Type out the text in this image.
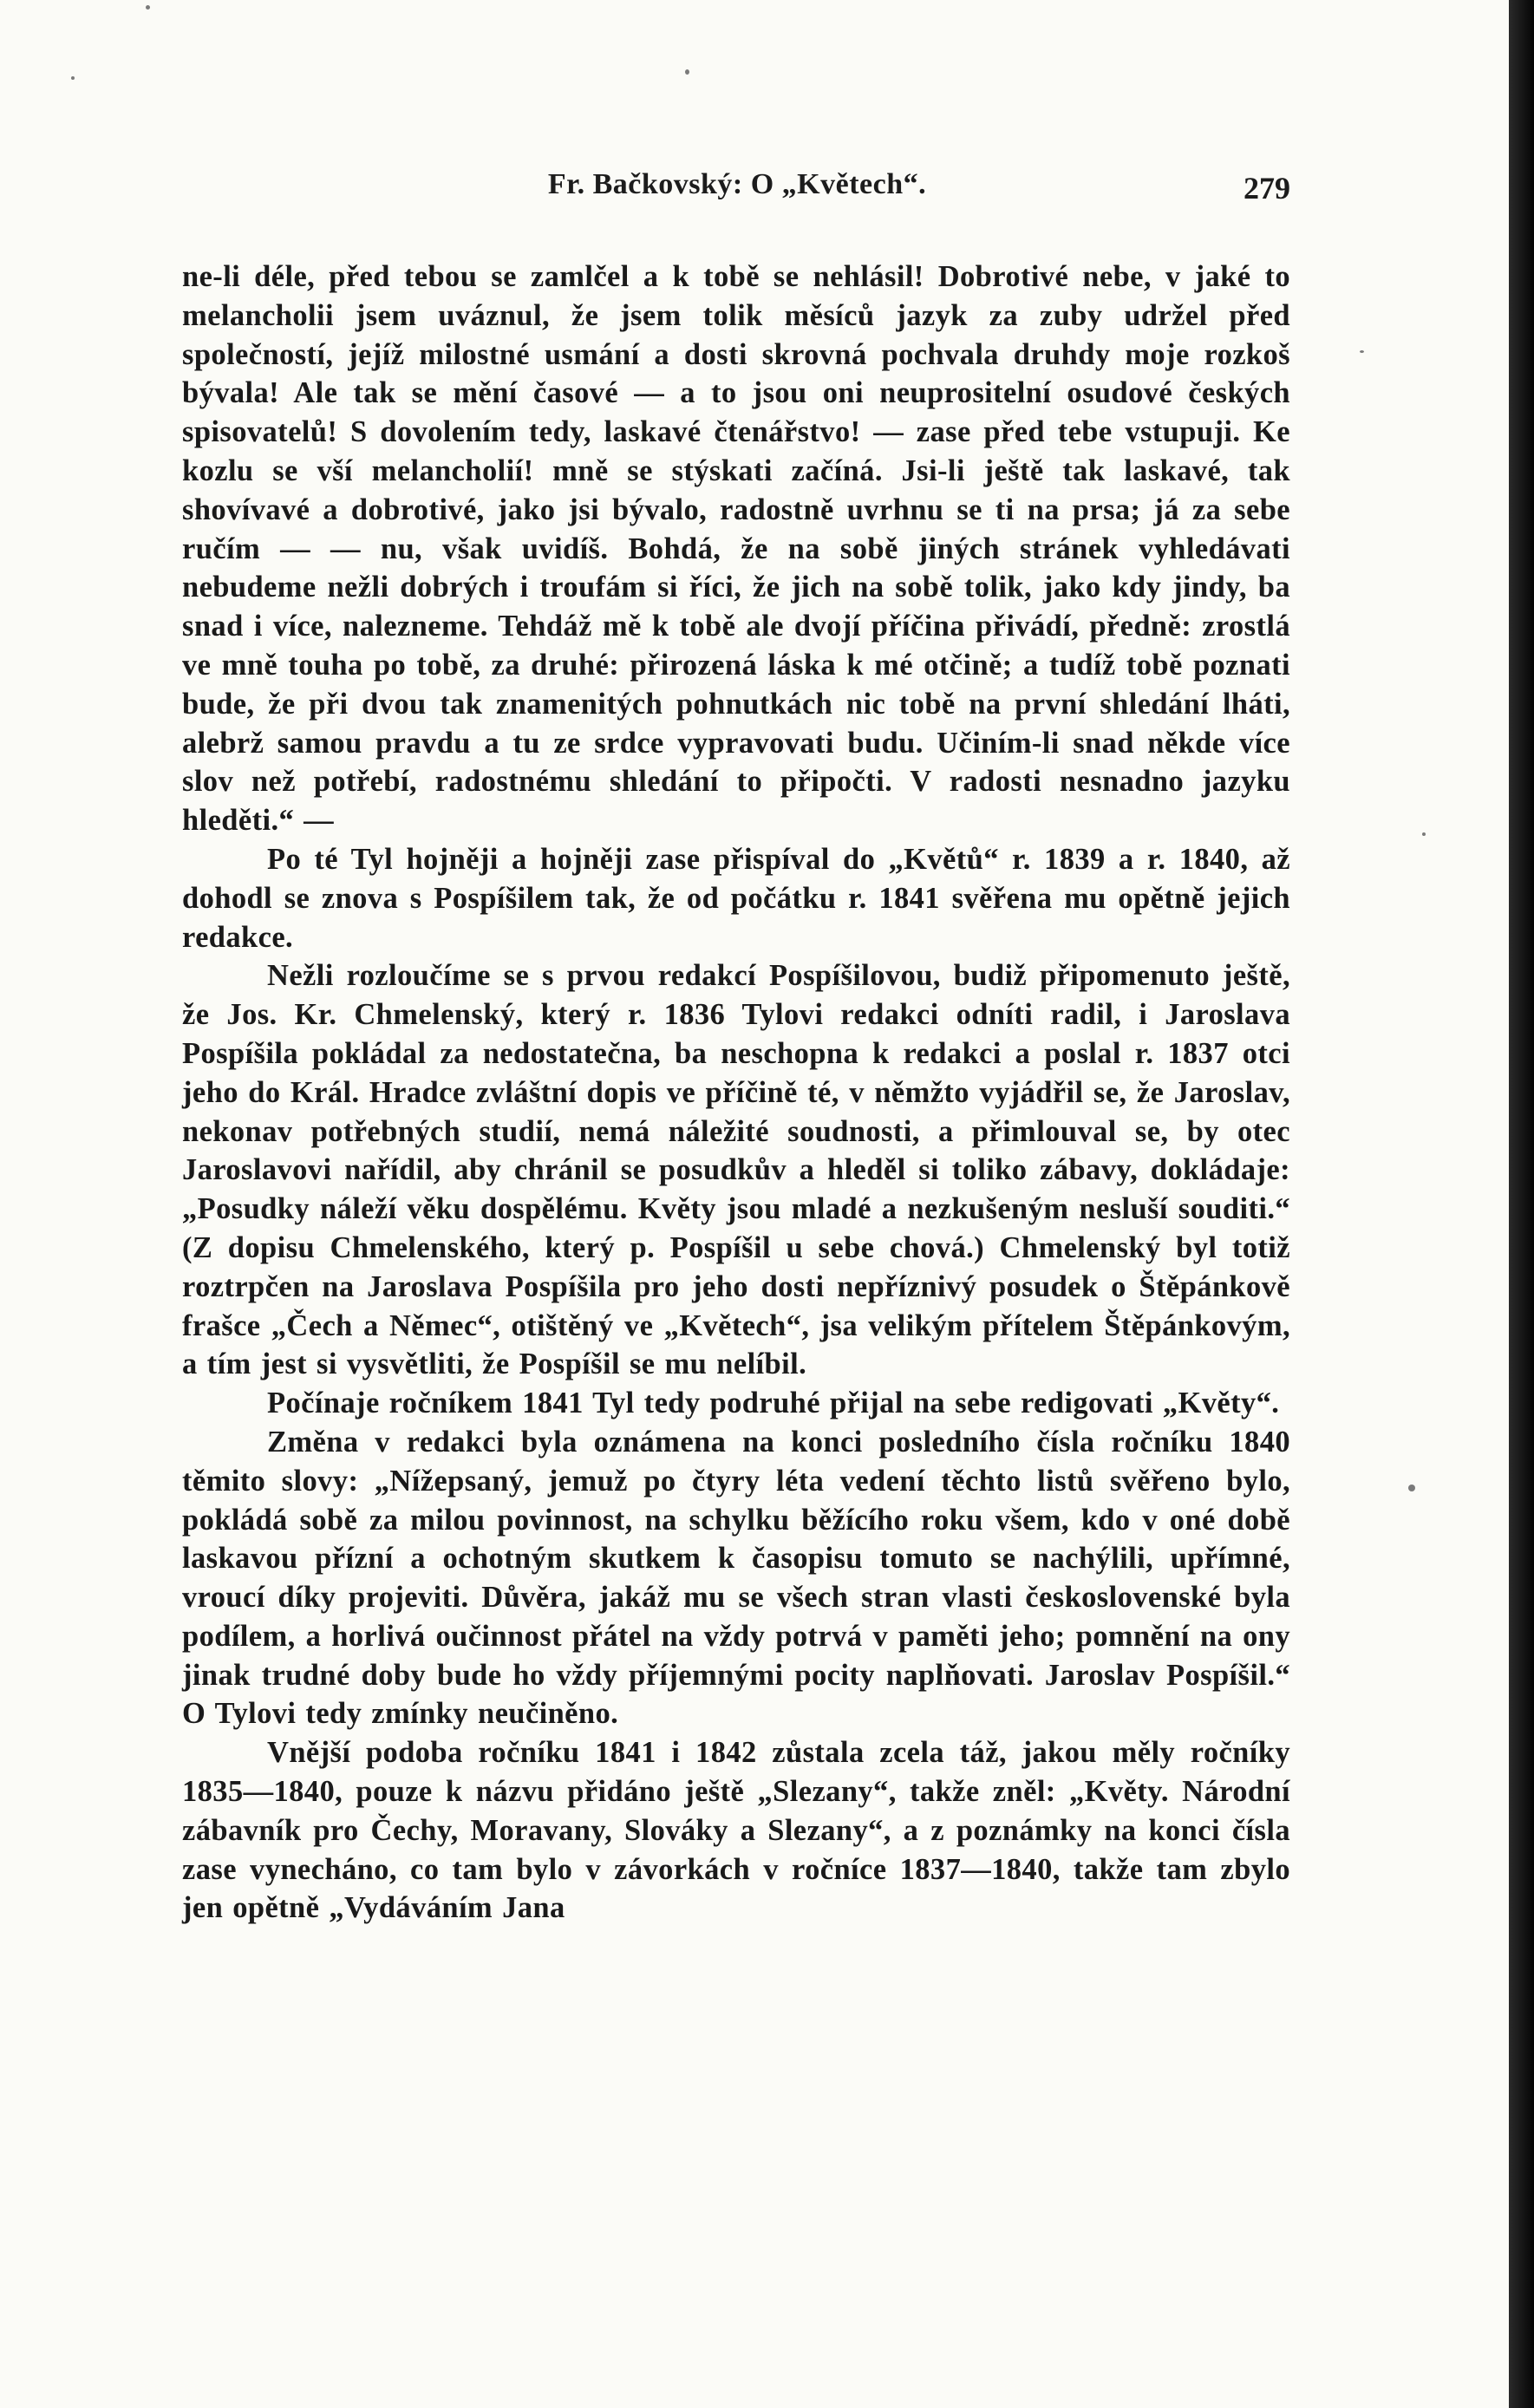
Fr. Bačkovský: O „Květech“.	279

ne-li déle, před tebou se zamlčel a k tobě se nehlásil! Dobrotivé nebe, v jaké to melancholii jsem uváznul, že jsem tolik měsíců jazyk za zuby udržel před společností, jejíž milostné usmání a dosti skrovná pochvala druhdy moje rozkoš bývala! Ale tak se mění časové — a to jsou oni neuprositelní osudové českých spisovatelů! S dovolením tedy, laskavé čtenářstvo! — zase před tebe vstupuji. Ke kozlu se vší melancholií! mně se stýskati začíná. Jsi-li ještě tak laskavé, tak shovívavé a dobrotivé, jako jsi bývalo, radostně uvrhnu se ti na prsa; já za sebe ručím — — nu, však uvidíš. Bohdá, že na sobě jiných stránek vyhledávati nebudeme nežli dobrých i troufám si říci, že jich na sobě tolik, jako kdy jindy, ba snad i více, nalezneme. Tehdáž mě k tobě ale dvojí příčina přivádí, předně: zrostlá ve mně touha po tobě, za druhé: přirozená láska k mé otčině; a tudíž tobě poznati bude, že při dvou tak znamenitých pohnutkách nic tobě na první shledání lháti, alebrž samou pravdu a tu ze srdce vypravovati budu. Učiním-li snad někde více slov než potřebí, radostnému shledání to připočti. V radosti nesnadno jazyku hleděti.“ —

Po té Tyl hojněji a hojněji zase přispíval do „Květů“ r. 1839 a r. 1840, až dohodl se znova s Pospíšilem tak, že od počátku r. 1841 svěřena mu opětně jejich redakce.

Nežli rozloučíme se s prvou redakcí Pospíšilovou, budiž připomenuto ještě, že Jos. Kr. Chmelenský, který r. 1836 Tylovi redakci odníti radil, i Jaroslava Pospíšila pokládal za nedostatečna, ba neschopna k redakci a poslal r. 1837 otci jeho do Král. Hradce zvláštní dopis ve příčině té, v němžto vyjádřil se, že Jaroslav, nekonav potřebných studií, nemá náležité soudnosti, a přimlouval se, by otec Jaroslavovi nařídil, aby chránil se posudkův a hleděl si toliko zábavy, dokládaje: „Posudky náleží věku dospělému. Květy jsou mladé a nezkušeným nesluší souditi.“ (Z dopisu Chmelenského, který p. Pospíšil u sebe chová.) Chmelenský byl totiž roztrpčen na Jaroslava Pospíšila pro jeho dosti nepříznivý posudek o Štěpánkově frašce „Čech a Němec“, otištěný ve „Květech“, jsa velikým přítelem Štěpánkovým, a tím jest si vysvětliti, že Pospíšil se mu nelíbil.

Počínaje ročníkem 1841 Tyl tedy podruhé přijal na sebe redigovati „Květy“.

Změna v redakci byla oznámena na konci posledního čísla ročníku 1840 těmito slovy: „Nížepsaný, jemuž po čtyry léta vedení těchto listů svěřeno bylo, pokládá sobě za milou povinnost, na schylku běžícího roku všem, kdo v oné době laskavou přízní a ochotným skutkem k časopisu tomuto se nachýlili, upřímné, vroucí díky projeviti. Důvěra, jakáž mu se všech stran vlasti československé byla podílem, a horlivá oučinnost přátel na vždy potrvá v paměti jeho; pomnění na ony jinak trudné doby bude ho vždy příjemnými pocity naplňovati. Jaroslav Pospíšil.“ O Tylovi tedy zmínky neučiněno.

Vnější podoba ročníku 1841 i 1842 zůstala zcela táž, jakou měly ročníky 1835—1840, pouze k názvu přidáno ještě „Slezany“, takže zněl: „Květy. Národní zábavník pro Čechy, Moravany, Slováky a Slezany“, a z poznámky na konci čísla zase vynecháno, co tam bylo v závorkách v ročníce 1837—1840, takže tam zbylo jen opětně „Vydáváním Jana
